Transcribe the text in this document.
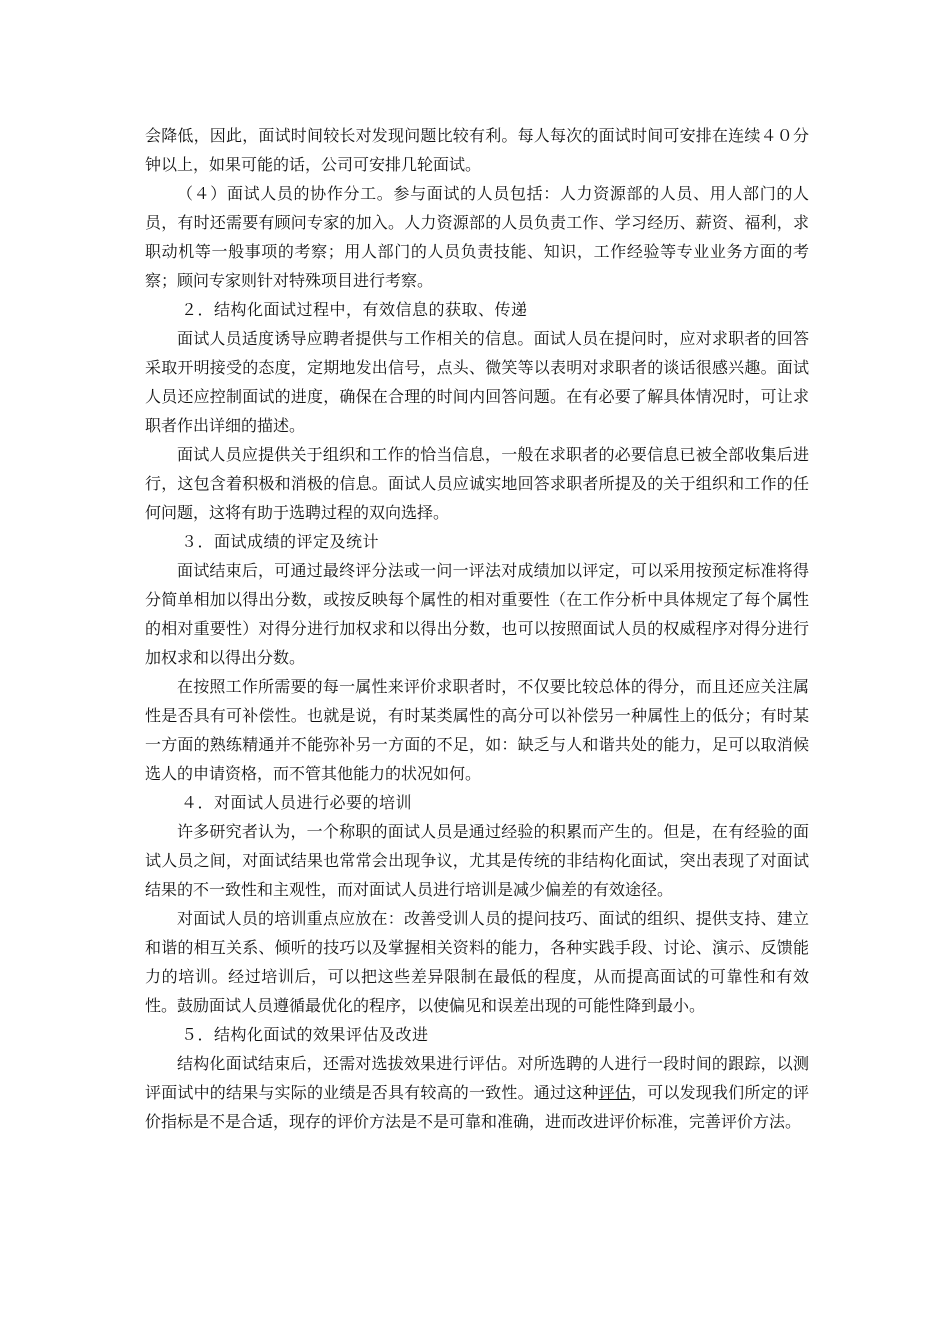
会降低，因此，面试时间较长对发现问题比较有利。每人每次的面试时间可安排在连续４０分钟以上，如果可能的话，公司可安排几轮面试。

（４）面试人员的协作分工。参与面试的人员包括：人力资源部的人员、用人部门的人员，有时还需要有顾问专家的加入。人力资源部的人员负责工作、学习经历、薪资、福利，求职动机等一般事项的考察；用人部门的人员负责技能、知识，工作经验等专业业务方面的考察；顾问专家则针对特殊项目进行考察。

２．结构化面试过程中，有效信息的获取、传递

面试人员适度诱导应聘者提供与工作相关的信息。面试人员在提问时，应对求职者的回答采取开明接受的态度，定期地发出信号，点头、微笑等以表明对求职者的谈话很感兴趣。面试人员还应控制面试的进度，确保在合理的时间内回答问题。在有必要了解具体情况时，可让求职者作出详细的描述。

面试人员应提供关于组织和工作的恰当信息，一般在求职者的必要信息已被全部收集后进行，这包含着积极和消极的信息。面试人员应诚实地回答求职者所提及的关于组织和工作的任何问题，这将有助于选聘过程的双向选择。

３．面试成绩的评定及统计

面试结束后，可通过最终评分法或一问一评法对成绩加以评定，可以采用按预定标准将得分简单相加以得出分数，或按反映每个属性的相对重要性（在工作分析中具体规定了每个属性的相对重要性）对得分进行加权求和以得出分数，也可以按照面试人员的权威程序对得分进行加权求和以得出分数。

在按照工作所需要的每一属性来评价求职者时，不仅要比较总体的得分，而且还应关注属性是否具有可补偿性。也就是说，有时某类属性的高分可以补偿另一种属性上的低分；有时某一方面的熟练精通并不能弥补另一方面的不足，如：缺乏与人和谐共处的能力，足可以取消候选人的申请资格，而不管其他能力的状况如何。

４．对面试人员进行必要的培训

许多研究者认为，一个称职的面试人员是通过经验的积累而产生的。但是，在有经验的面试人员之间，对面试结果也常常会出现争议，尤其是传统的非结构化面试，突出表现了对面试结果的不一致性和主观性，而对面试人员进行培训是减少偏差的有效途径。

对面试人员的培训重点应放在：改善受训人员的提问技巧、面试的组织、提供支持、建立和谐的相互关系、倾听的技巧以及掌握相关资料的能力，各种实践手段、讨论、演示、反馈能力的培训。经过培训后，可以把这些差异限制在最低的程度，从而提高面试的可靠性和有效性。鼓励面试人员遵循最优化的程序，以使偏见和误差出现的可能性降到最小。

５．结构化面试的效果评估及改进

结构化面试结束后，还需对选拔效果进行评估。对所选聘的人进行一段时间的跟踪，以测评面试中的结果与实际的业绩是否具有较高的一致性。通过这种评估，可以发现我们所定的评价指标是不是合适，现存的评价方法是不是可靠和准确，进而改进评价标准，完善评价方法。
